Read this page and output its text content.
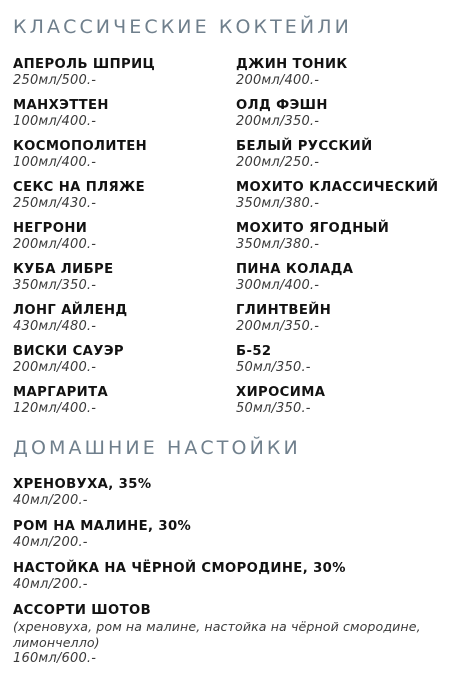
КЛАССИЧЕСКИЕ КОКТЕЙЛИ
АПЕРОЛЬ ШПРИЦ
250мл/500.-
МАНХЭТТЕН
100мл/400.-
КОСМОПОЛИТЕН
100мл/400.-
СЕКС НА ПЛЯЖЕ
250мл/430.-
НЕГРОНИ
200мл/400.-
КУБА ЛИБРЕ
350мл/350.-
ЛОНГ АЙЛЕНД
430мл/480.-
ВИСКИ САУЭР
200мл/400.-
МАРГАРИТА
120мл/400.-
ДЖИН ТОНИК
200мл/400.-
ОЛД ФЭШН
200мл/350.-
БЕЛЫЙ РУССКИЙ
200мл/250.-
МОХИТО КЛАССИЧЕСКИЙ
350мл/380.-
МОХИТО ЯГОДНЫЙ
350мл/380.-
ПИНА КОЛАДА
300мл/400.-
ГЛИНТВЕЙН
200мл/350.-
Б-52
50мл/350.-
ХИРОСИМА
50мл/350.-
ДОМАШНИЕ НАСТОЙКИ
ХРЕНОВУХА, 35%
40мл/200.-
РОМ НА МАЛИНЕ, 30%
40мл/200.-
НАСТОЙКА НА ЧЁРНОЙ СМОРОДИНЕ, 30%
40мл/200.-
АССОРТИ ШОТОВ
(хреновуха, ром на малине, настойка на чёрной смородине, лимончелло)
160мл/600.-
